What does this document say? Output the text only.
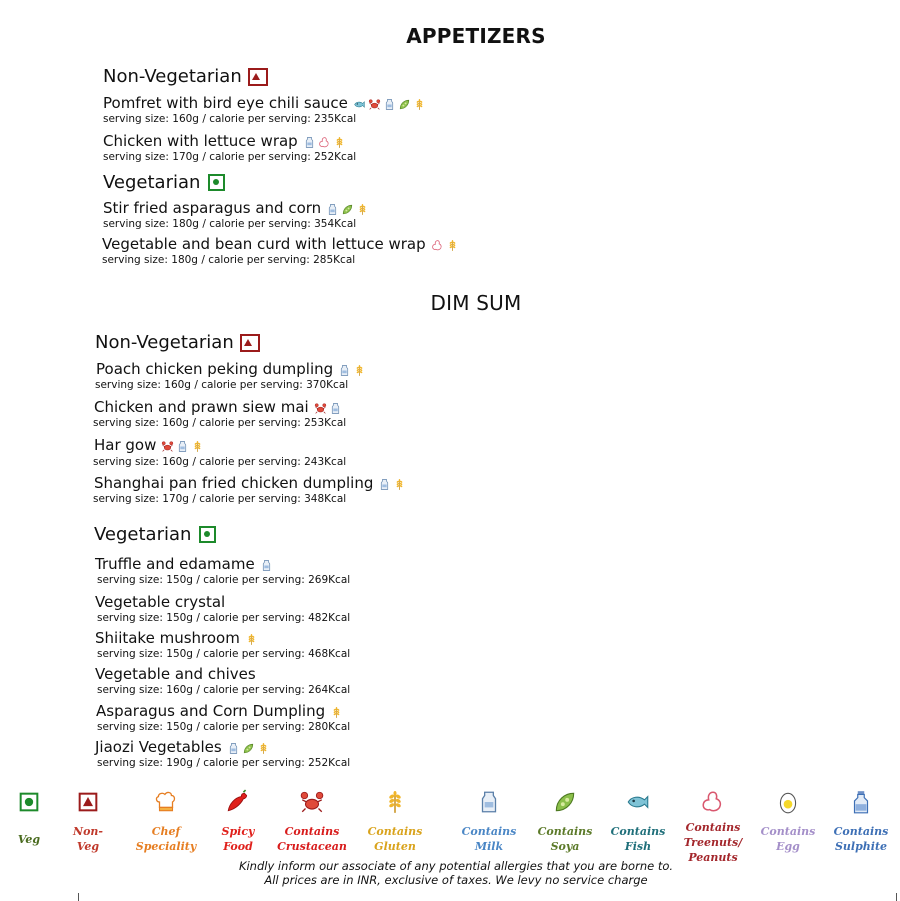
APPETIZERS
Non-Vegetarian
Pomfret with bird eye chili sauce
serving size: 160g / calorie per serving: 235Kcal
Chicken with lettuce wrap
serving size: 170g / calorie per serving: 252Kcal
Vegetarian
Stir fried asparagus and corn
serving size: 180g / calorie per serving: 354Kcal
Vegetable and bean curd with lettuce wrap
serving size: 180g / calorie per serving: 285Kcal
DIM SUM
Non-Vegetarian
Poach chicken peking dumpling
serving size: 160g / calorie per serving: 370Kcal
Chicken and prawn siew mai
serving size: 160g / calorie per serving: 253Kcal
Har gow
serving size: 160g / calorie per serving: 243Kcal
Shanghai pan fried chicken dumpling
serving size: 170g / calorie per serving: 348Kcal
Vegetarian
Truffle and edamame
serving size: 150g / calorie per serving: 269Kcal
Vegetable crystal
serving size: 150g / calorie per serving: 482Kcal
Shiitake mushroom
serving size: 150g / calorie per serving: 468Kcal
Vegetable and chives
serving size: 160g / calorie per serving: 264Kcal
Asparagus and Corn Dumpling
serving size: 150g / calorie per serving: 280Kcal
Jiaozi Vegetables
serving size: 190g / calorie per serving: 252Kcal
Veg
Non-
Veg
Chef
Speciality
Spicy
Food
Contains
Crustacean
Contains
Gluten
Contains
Milk
Contains
Soya
Contains
Fish
Contains
Treenuts/
Peanuts
Contains
Egg
Contains
Sulphite
Kindly inform our associate of any potential allergies that you are borne to.
All prices are in INR, exclusive of taxes. We levy no service charge
